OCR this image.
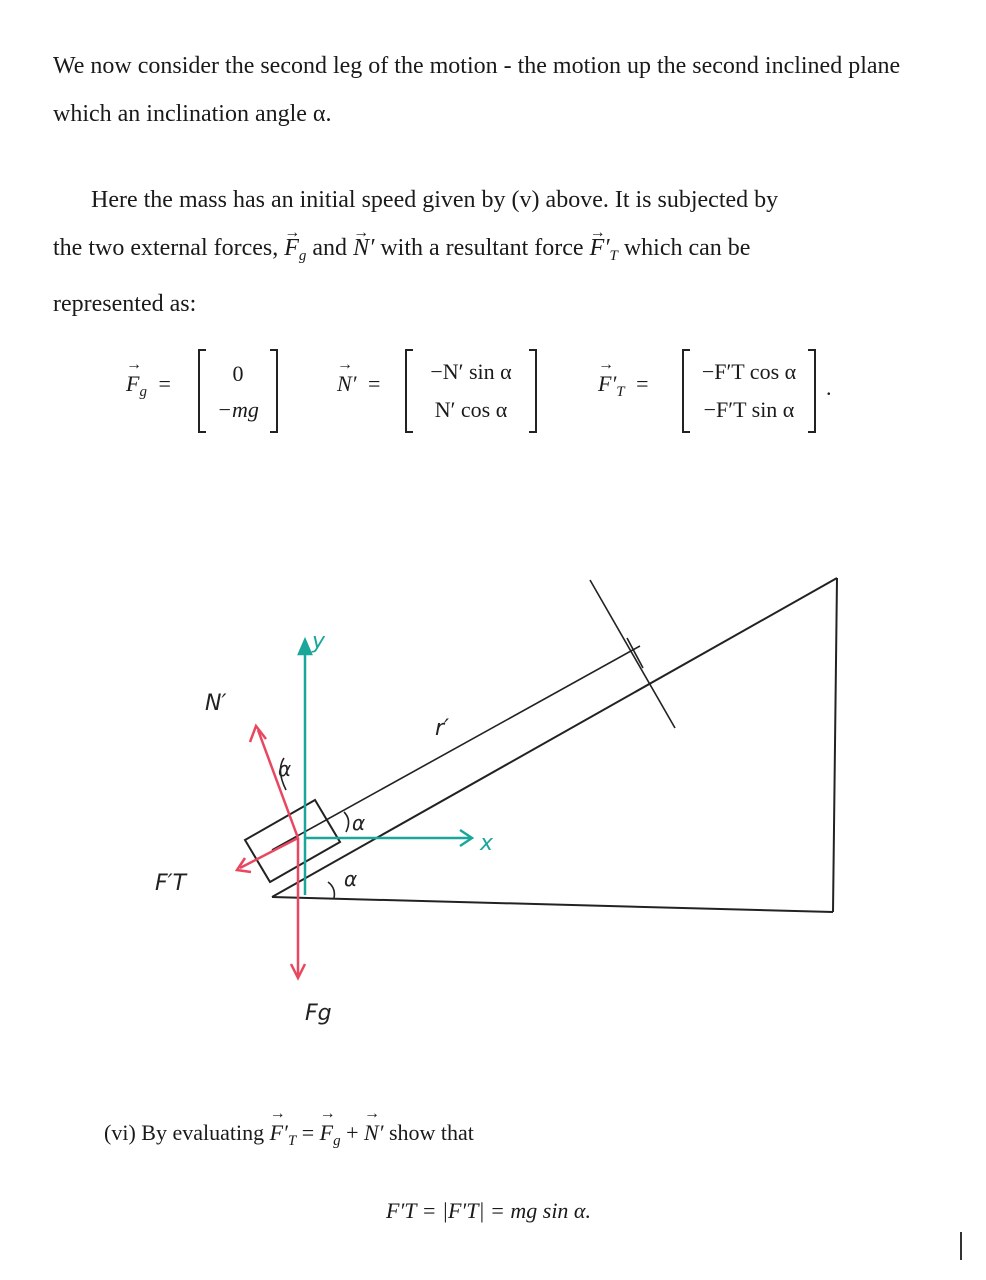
We now consider the second leg of the motion - the motion up the second inclined plane which an inclination angle α.
Here the mass has an initial speed given by (v) above. It is subjected by
the two external forces, → $F_g$ and → N′ with a resultant force → $F'_T$ which can be
represented as:
→ $F_g$ =	0
−mg
→ N′ =	−N′ sin α
N′ cos α
→ $F'_T$ =	−F′T cos α
−F′T sin α
.
y
x
r′
N′
F′T
Fg
α
α
α
(vi) By evaluating → $F'_T$ = → $F_g$ + → N′ show that
F′T = |F′T| = mg sin α.
